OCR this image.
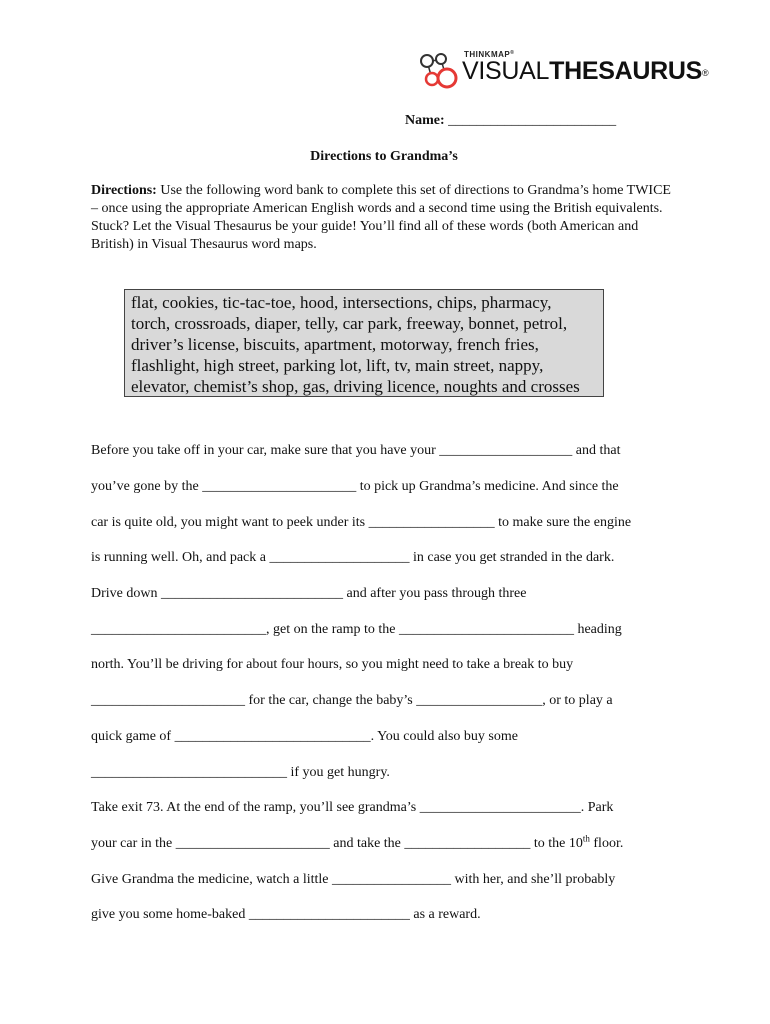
THINKMAP®
VISUALTHESAURUS®
Name: ________________________
Directions to Grandma’s
Directions: Use the following word bank to complete this set of directions to Grandma’s home TWICE – once using the appropriate American English words and a second time using the British equivalents. Stuck? Let the Visual Thesaurus be your guide! You’ll find all of these words (both American and British) in Visual Thesaurus word maps.
flat, cookies, tic-tac-toe, hood, intersections, chips, pharmacy,
torch, crossroads, diaper, telly, car park, freeway, bonnet, petrol,
driver’s license, biscuits, apartment, motorway, french fries,
flashlight, high street, parking lot, lift, tv, main street, nappy,
elevator, chemist’s shop, gas, driving licence, noughts and crosses
Before you take off in your car, make sure that you have your ___________________ and that
you’ve gone by the ______________________ to pick up Grandma’s medicine. And since the
car is quite old, you might want to peek under its __________________ to make sure the engine
is running well. Oh, and pack a ____________________ in case you get stranded in the dark.
Drive down __________________________ and after you pass through three
_________________________, get on the ramp to the _________________________ heading
north. You’ll be driving for about four hours, so you might need to take a break to buy
______________________ for the car, change the baby’s __________________, or to play a
quick game of ____________________________. You could also buy some
____________________________ if you get hungry.
Take exit 73. At the end of the ramp, you’ll see grandma’s _______________________. Park
your car in the ______________________ and take the __________________ to the 10th floor.
Give Grandma the medicine, watch a little _________________ with her, and she’ll probably
give you some home-baked _______________________ as a reward.
